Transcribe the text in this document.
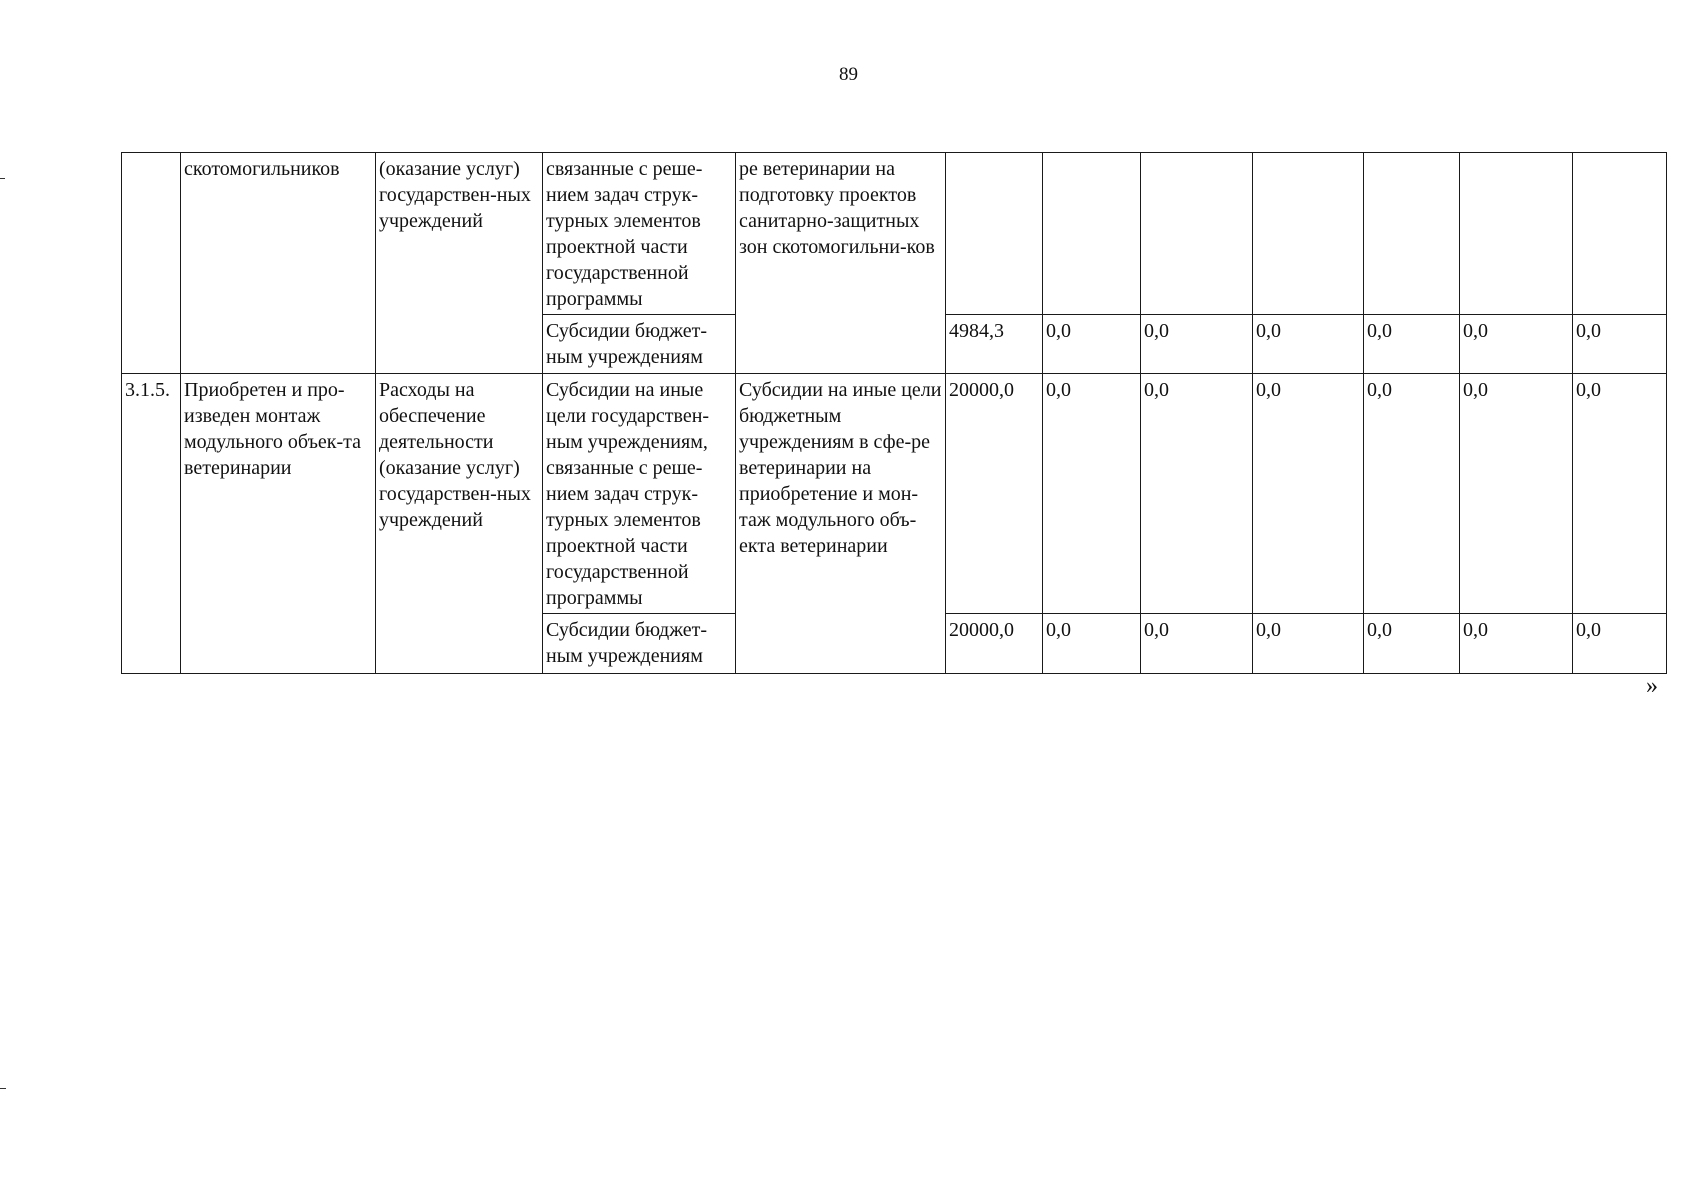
89
	скотомогильников	(оказание услуг) государствен-ных учреждений	связанные с реше-нием задач струк-турных элементов проектной части государственной программы	ре ветеринарии на подготовку проектов санитарно-защитных зон скотомогильни-ков							
			Субсидии бюджет-ным учреждениям		4984,3	0,0	0,0	0,0	0,0	0,0	0,0
3.1.5.	Приобретен и про-изведен монтаж модульного объек-та ветеринарии	Расходы на обеспечение деятельности (оказание услуг) государствен-ных учреждений	Субсидии на иные цели государствен-ным учреждениям, связанные с реше-нием задач струк-турных элементов проектной части государственной программы	Субсидии на иные цели бюджетным учреждениям в сфе-ре ветеринарии на приобретение и мон-таж модульного объ-екта ветеринарии	20000,0	0,0	0,0	0,0	0,0	0,0	0,0
			Субсидии бюджет-ным учреждениям		20000,0	0,0	0,0	0,0	0,0	0,0	0,0
»
